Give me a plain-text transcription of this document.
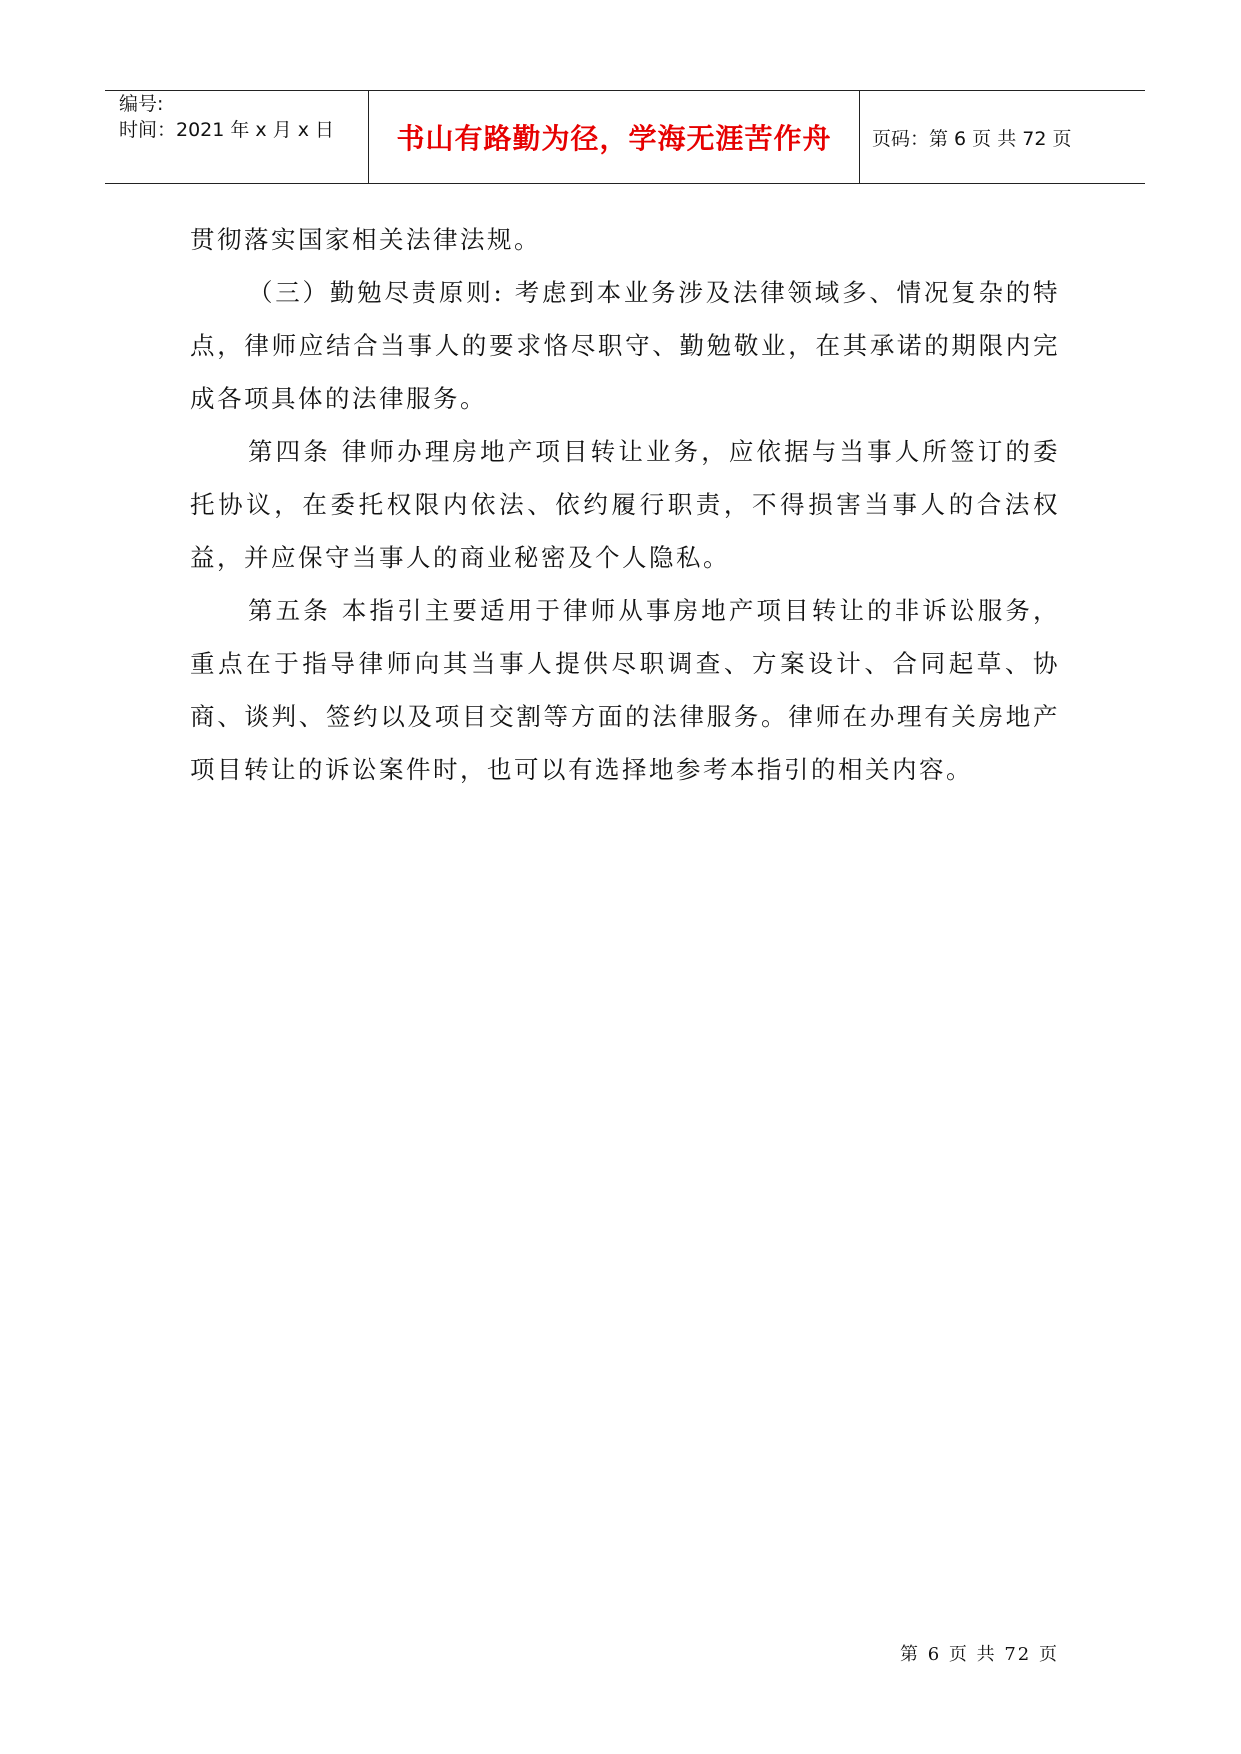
编号:
时间：2021 年 x 月 x 日 书山有路勤为径，学海无涯苦作舟 页码：第 6 页 共 72 页

贯彻落实国家相关法律法规。

（三）勤勉尽责原则: 考虑到本业务涉及法律领域多、情况复杂的特点，律师应结合当事人的要求恪尽职守、勤勉敬业，在其承诺的期限内完成各项具体的法律服务。

第四条 律师办理房地产项目转让业务，应依据与当事人所签订的委托协议，在委托权限内依法、依约履行职责，不得损害当事人的合法权益，并应保守当事人的商业秘密及个人隐私。

第五条 本指引主要适用于律师从事房地产项目转让的非诉讼服务，重点在于指导律师向其当事人提供尽职调查、方案设计、合同起草、协商、谈判、签约以及项目交割等方面的法律服务。律师在办理有关房地产项目转让的诉讼案件时，也可以有选择地参考本指引的相关内容。

第 6 页 共 72 页
